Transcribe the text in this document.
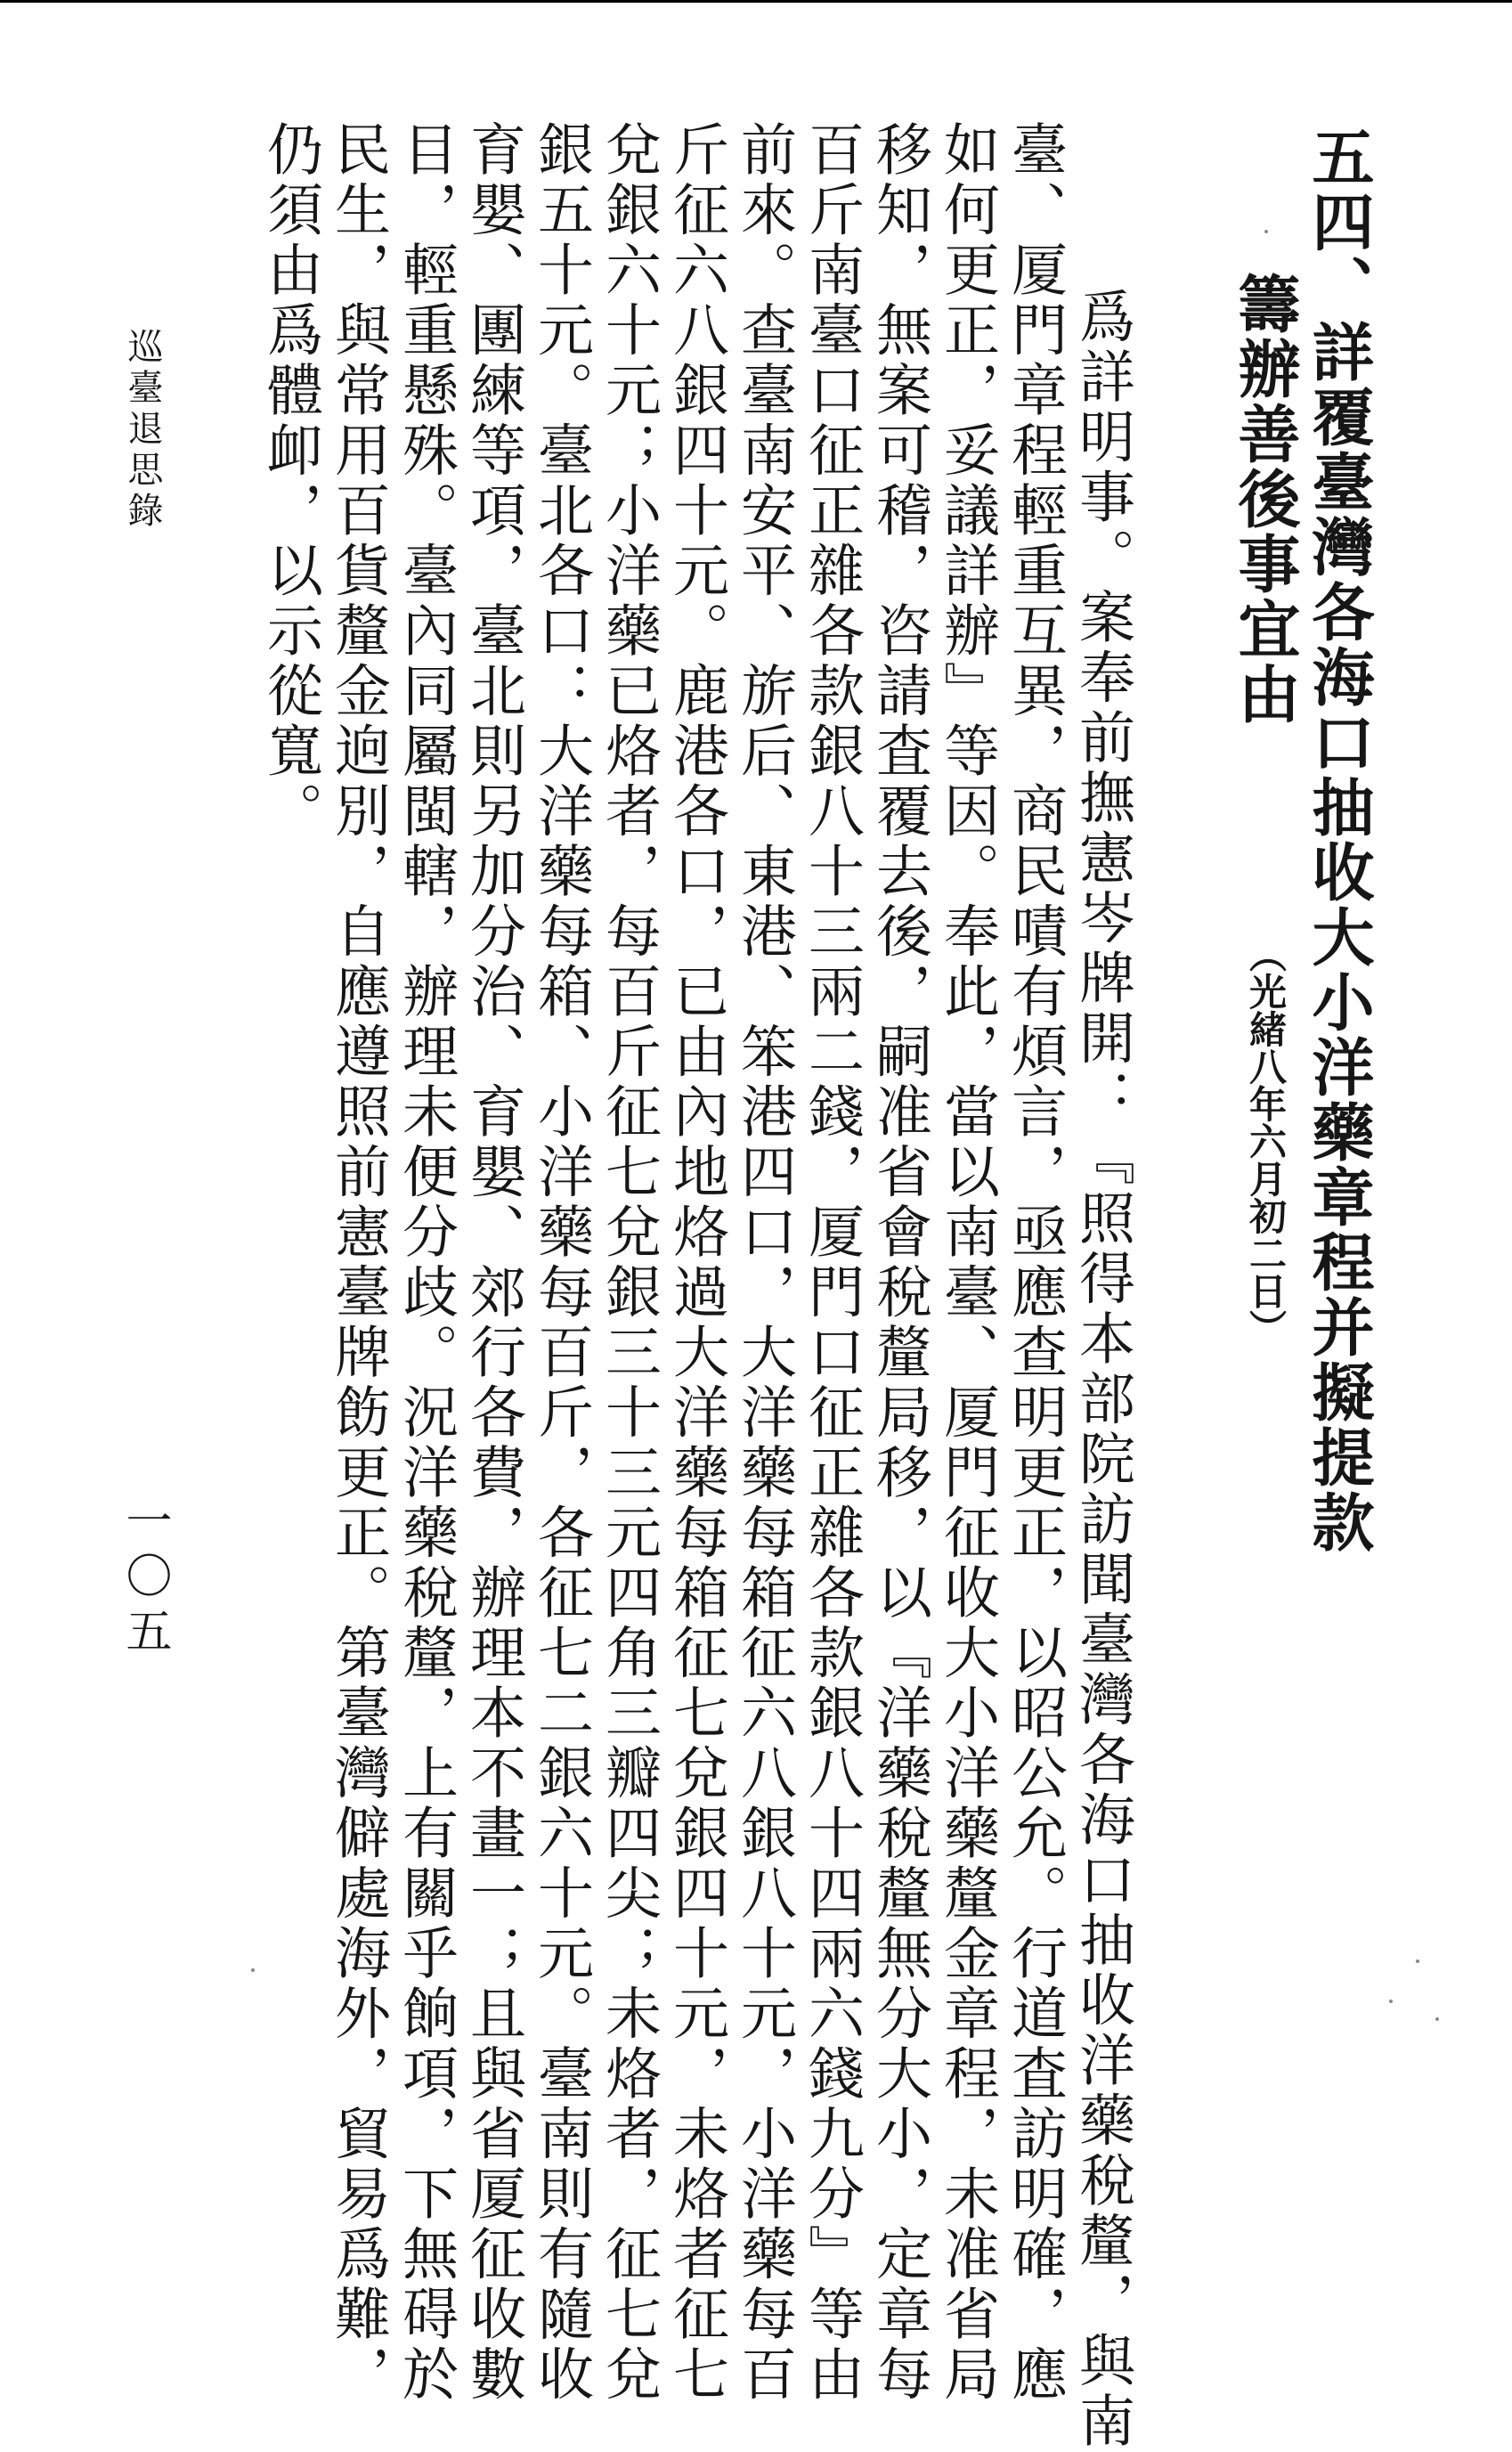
五四、詳覆臺灣各海口抽收大小洋藥章程并擬提款
籌辦善後事宜由
（光緒八年六月初二日）
　爲詳明事。案奉前撫憲岑牌開：『照得本部院訪聞臺灣各海口抽收洋藥稅釐，與南
臺、厦門章程輕重互異，商民嘖有煩言，亟應查明更正，以昭公允。行道査訪明確，應
如何更正，妥議詳辦』等因。奉此，當以南臺、厦門征收大小洋藥釐金章程，未准省局
移知，無案可稽，咨請査覆去後，嗣准省會稅釐局移，以『洋藥稅釐無分大小，定章每
百斤南臺口征正雜各款銀八十三兩二錢，厦門口征正雜各款銀八十四兩六錢九分』等由
前來。查臺南安平、旂后、東港、笨港四口，大洋藥每箱征六八銀八十元，小洋藥每百
斤征六八銀四十元。鹿港各口，已由內地烙過大洋藥每箱征七兌銀四十元，未烙者征七
兌銀六十元；小洋藥已烙者，每百斤征七兌銀三十三元四角三瓣四尖；未烙者，征七兌
銀五十元。臺北各口：大洋藥每箱、小洋藥每百斤，各征七二銀六十元。臺南則有隨收
育嬰、團練等項，臺北則另加分治、育嬰、郊行各費，辦理本不畫一；且與省厦征收數
目，輕重懸殊。臺內同屬閩轄，辦理未便分歧。況洋藥稅釐，上有關乎餉項，下無碍於
民生，與常用百貨釐金逈別，自應遵照前憲臺牌飭更正。第臺灣僻處海外，貿易爲難，
仍須由爲體卹，以示從寬。
巡臺退思錄
一〇五
